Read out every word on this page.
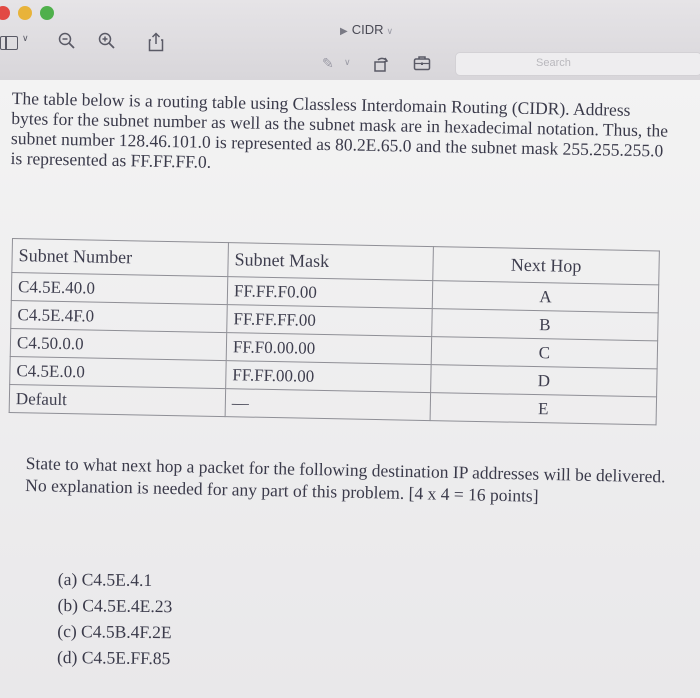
▶ CIDR ∨
∨
✎ ∨	Search

The table below is a routing table using Classless Interdomain Routing (CIDR). Address bytes for the subnet number as well as the subnet mask are in hexadecimal notation. Thus, the subnet number 128.46.101.0 is represented as 80.2E.65.0 and the subnet mask 255.255.255.0 is represented as FF.FF.FF.0.

Subnet Number	Subnet Mask	Next Hop
C4.5E.40.0	FF.FF.F0.00	A
C4.5E.4F.0	FF.FF.FF.00	B
C4.50.0.0	FF.F0.00.00	C
C4.5E.0.0	FF.FF.00.00	D
Default	—	E

State to what next hop a packet for the following destination IP addresses will be delivered. No explanation is needed for any part of this problem. [4 x 4 = 16 points]

(a) C4.5E.4.1
(b) C4.5E.4E.23
(c) C4.5B.4F.2E
(d) C4.5E.FF.85
